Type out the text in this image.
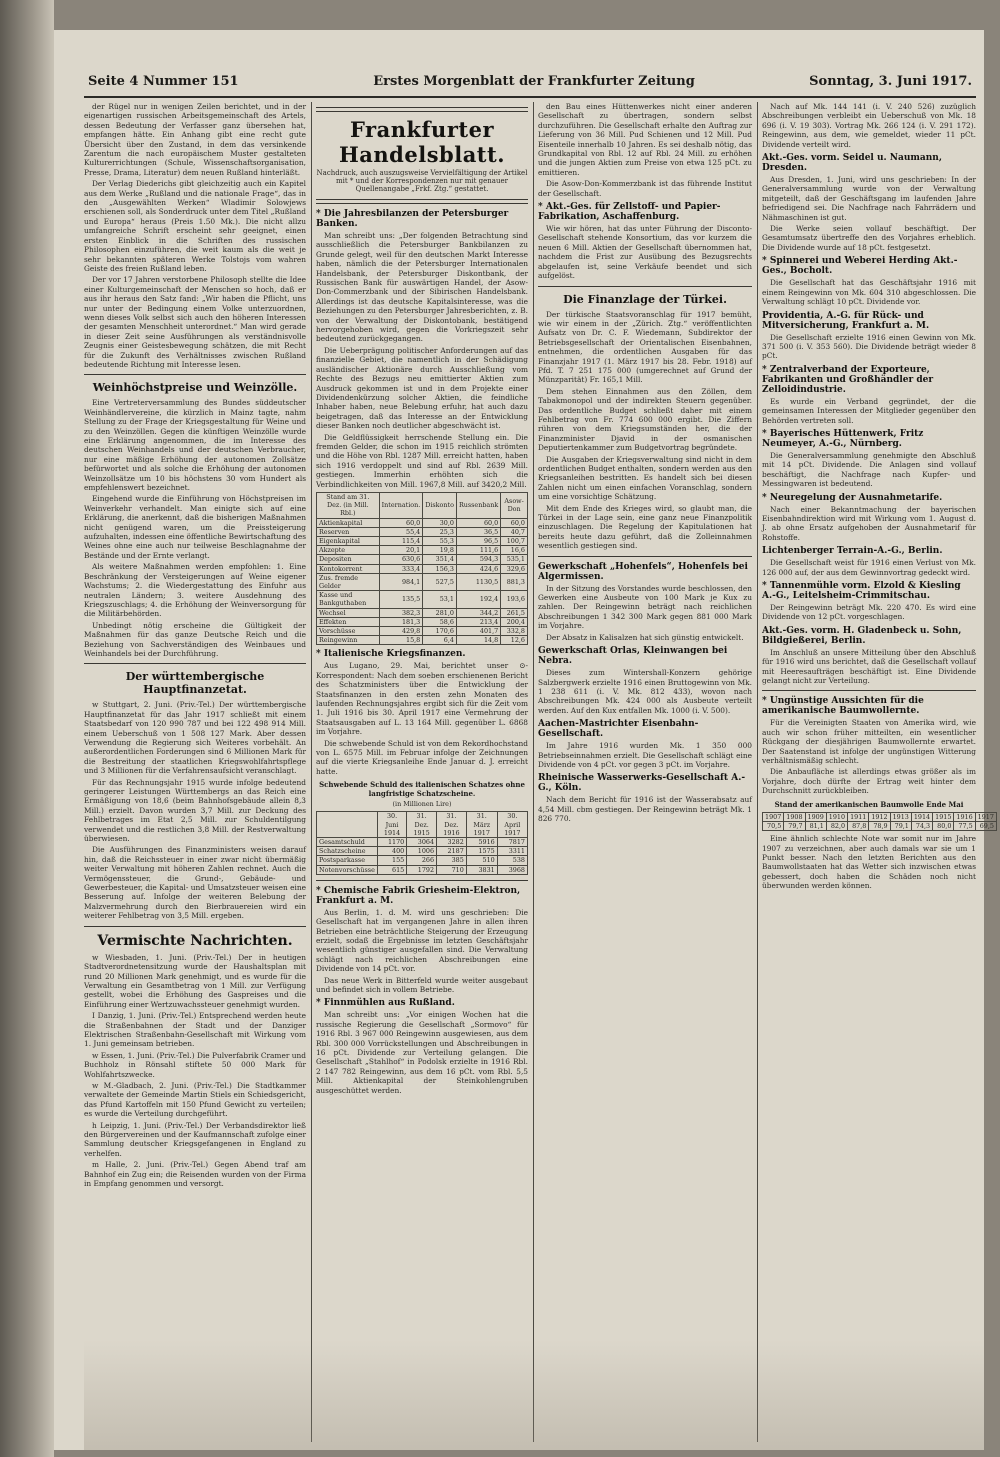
Seite 4 Nummer 151	Erstes Morgenblatt der Frankfurter Zeitung	Sonntag, 3. Juni 1917.

der Rügel nur in wenigen Zeilen berichtet, und in der eigenartigen russischen Arbeitsgemeinschaft des Artels, dessen Bedeutung der Verfasser ganz übersehen hat, empfangen hätte. Ein Anhang gibt eine recht gute Übersicht über den Zustand, in dem das versinkende Zarentum die nach europäischem Muster gestalteten Kulturerrichtungen (Schule, Wissenschaftsorganisation, Presse, Drama, Literatur) dem neuen Rußland hinterläßt.

Der Verlag Diederichs gibt gleichzeitig auch ein Kapitel aus dem Werke „Rußland und die nationale Frage“, das in den „Ausgewählten Werken“ Wladimir Solowjews erschienen soll, als Sonderdruck unter dem Titel „Rußland und Europa“ heraus (Preis 1.50 Mk.). Die nicht allzu umfangreiche Schrift erscheint sehr geeignet, einen ersten Einblick in die Schriften des russischen Philosophen einzuführen, die weit kaum als die weit je sehr bekannten späteren Werke Tolstojs vom wahren Geiste des freien Rußland leben.

Der vor 17 Jahren verstorbene Philosoph stellte die Idee einer Kulturgemeinschaft der Menschen so hoch, daß er aus ihr heraus den Satz fand: „Wir haben die Pflicht, uns nur unter der Bedingung einem Volke unterzuordnen, wenn dieses Volk selbst sich auch den höheren Interessen der gesamten Menschheit unterordnet.“ Man wird gerade in dieser Zeit seine Ausführungen als verständnisvolle Zeugnis einer Geistesbewegung schätzen, die mit Recht für die Zukunft des Verhältnisses zwischen Rußland bedeutende Richtung mit Interesse lesen.

Weinhöchstpreise und Weinzölle.

Eine Vertreterversammlung des Bundes süddeutscher Weinhändlervereine, die kürzlich in Mainz tagte, nahm Stellung zu der Frage der Kriegsgestaltung für Weine und zu den Weinzöllen. Gegen die künftigen Weinzölle wurde eine Erklärung angenommen, die im Interesse des deutschen Weinhandels und der deutschen Verbraucher, nur eine mäßige Erhöhung der autonomen Zollsätze befürwortet und als solche die Erhöhung der autonomen Weinzollsätze um 10 bis höchstens 30 vom Hundert als empfehlenswert bezeichnet.

Eingehend wurde die Einführung von Höchstpreisen im Weinverkehr verhandelt. Man einigte sich auf eine Erklärung, die anerkennt, daß die bisherigen Maßnahmen nicht genügend waren, um die Preissteigerung aufzuhalten, indessen eine öffentliche Bewirtschaftung des Weines ohne eine auch nur teilweise Beschlagnahme der Bestände und der Ernte verlangt.

Als weitere Maßnahmen werden empfohlen: 1. Eine Beschränkung der Versteigerungen auf Weine eigener Wachstums; 2. die Wiedergestattung des Einfuhr aus neutralen Ländern; 3. weitere Ausdehnung des Kriegszuschlags; 4. die Erhöhung der Weinversorgung für die Militärbehörden.

Unbedingt nötig erscheine die Gültigkeit der Maßnahmen für das ganze Deutsche Reich und die Beziehung von Sachverständigen des Weinbaues und Weinhandels bei der Durchführung.

Der württembergische Hauptfinanzetat.

w Stuttgart, 2. Juni. (Priv.-Tel.) Der württembergische Hauptfinanzetat für das Jahr 1917 schließt mit einem Staatsbedarf von 120 990 787 und bei 122 498 914 Mill. einem Ueberschuß von 1 508 127 Mark. Aber dessen Verwendung die Regierung sich Weiteres vorbehält. An außerordentlichen Forderungen sind 6 Millionen Mark für die Bestreitung der staatlichen Kriegswohlfahrtspflege und 3 Millionen für die Verfahrensaufsicht veranschlagt.

Für das Rechnungsjahr 1915 wurde infolge bedeutend geringerer Leistungen Württembergs an das Reich eine Ermäßigung von 18,6 (beim Bahnhofsgebäude allein 8,3 Mill.) erzielt. Davon wurden 3,7 Mill. zur Deckung des Fehlbetrages im Etat 2,5 Mill. zur Schuldentilgung verwendet und die restlichen 3,8 Mill. der Restverwaltung überwiesen.

Die Ausführungen des Finanzministers weisen darauf hin, daß die Reichssteuer in einer zwar nicht übermäßig weiter Verwaltung mit höheren Zahlen rechnet. Auch die Vermögenssteuer, die Grund-, Gebäude- und Gewerbesteuer, die Kapital- und Umsatzsteuer weisen eine Besserung auf. Infolge der weiteren Belebung der Malzvermehrung durch den Bierbrauereien wird ein weiterer Fehlbetrag von 3,5 Mill. ergeben.

Vermischte Nachrichten.

w Wiesbaden, 1. Juni. (Priv.-Tel.) Der in heutigen Stadtverordnetensitzung wurde der Haushaltsplan mit rund 20 Millionen Mark genehmigt, und es wurde für die Verwaltung ein Gesamtbetrag von 1 Mill. zur Verfügung gestellt, wobei die Erhöhung des Gaspreises und die Einführung einer Wertzuwachssteuer genehmigt wurden.

I Danzig, 1. Juni. (Priv.-Tel.) Entsprechend werden heute die Straßenbahnen der Stadt und der Danziger Elektrischen Straßenbahn-Gesellschaft mit Wirkung vom 1. Juni gemeinsam betrieben.

w Essen, 1. Juni. (Priv.-Tel.) Die Pulverfabrik Cramer und Buchholz in Rönsahl stiftete 50 000 Mark für Wohlfahrtszwecke.

w M.-Gladbach, 2. Juni. (Priv.-Tel.) Die Stadtkammer verwaltete der Gemeinde Martin Stiels ein Schiedsgericht, das Pfund Kartoffeln mit 150 Pfund Gewicht zu verteilen; es wurde die Verteilung durchgeführt.

h Leipzig, 1. Juni. (Priv.-Tel.) Der Verbandsdirektor ließ den Bürgervereinen und der Kaufmannschaft zufolge einer Sammlung deutscher Kriegsgefangenen in England zu verhelfen.

m Halle, 2. Juni. (Priv.-Tel.) Gegen Abend traf am Bahnhof ein Zug ein; die Reisenden wurden von der Firma in Empfang genommen und versorgt.

Frankfurter Handelsblatt.
Nachdruck, auch auszugsweise Vervielfältigung der Artikel mit * und der Korrespondenzen nur mit genauer Quellenangabe „Frkf. Ztg.“ gestattet.
* Die Jahresbilanzen der Petersburger Banken.

Man schreibt uns: „Der folgenden Betrachtung sind ausschließlich die Petersburger Bankbilanzen zu Grunde gelegt, weil für den deutschen Markt Interesse haben, nämlich die der Petersburger Internationalen Handelsbank, der Petersburger Diskontbank, der Russischen Bank für auswärtigen Handel, der Asow-Don-Commerzbank und der Sibirischen Handelsbank. Allerdings ist das deutsche Kapitalsinteresse, was die Beziehungen zu den Petersburger Jahresberichten, z. B. von der Verwaltung der Diskontobank, bestätigend hervorgehoben wird, gegen die Vorkriegszeit sehr bedeutend zurückgegangen.

Die Ueberprägung politischer Anforderungen auf das finanzielle Gebiet, die namentlich in der Schädigung ausländischer Aktionäre durch Ausschließung vom Rechte des Bezugs neu emittierter Aktien zum Ausdruck gekommen ist und in dem Projekte einer Dividendenkürzung solcher Aktien, die feindliche Inhaber haben, neue Belebung erfuhr, hat auch dazu beigetragen, daß das Interesse an der Entwicklung dieser Banken noch deutlicher abgeschwächt ist.

Die Geldflüssigkeit herrschende Stellung ein. Die fremden Gelder, die schon im 1915 reichlich strömten und die Höhe von Rbl. 1287 Mill. erreicht hatten, haben sich 1916 verdoppelt und sind auf Rbl. 2639 Mill. gestiegen. Immerhin erhöhten sich die Verbindlichkeiten von Mill. 1967,8 Mill. auf 3420,2 Mill.

Stand am 31. Dez. (in Mill. Rbl.)	Internation.	Diskonto	Russenbank	Asow-Don
Aktienkapital	60,0	30,0	60,0	60,0
Reserven	55,4	25,3	36,5	40,7
Eigenkapital	115,4	55,3	96,5	100,7
Akzepte	20,1	19,8	111,6	16,6
Depositen	630,6	351,4	594,3	535,1
Kontokorrent	333,4	156,3	424,6	329,6
Zus. fremde Gelder	984,1	527,5	1130,5	881,3
Kasse und Bankguthaben	135,5	53,1	192,4	193,6
Wechsel	382,3	281,0	344,2	261,5
Effekten	181,3	58,6	213,4	200,4
Vorschüsse	429,8	170,6	401,7	332,8
Reingewinn	15,8	6,4	14,8	12,6
* Italienische Kriegsfinanzen.

Aus Lugano, 29. Mai, berichtet unser ⊙-Korrespondent: Nach dem soeben erschienenen Bericht des Schatzministers über die Entwicklung der Staatsfinanzen in den ersten zehn Monaten des laufenden Rechnungsjahres ergibt sich für die Zeit vom 1. Juli 1916 bis 30. April 1917 eine Vermehrung der Staatsausgaben auf L. 13 164 Mill. gegenüber L. 6868 im Vorjahre.

Die schwebende Schuld ist von dem Rekordhochstand von L. 6575 Mill. im Februar infolge der Zeichnungen auf die vierte Kriegsanleihe Ende Januar d. J. erreicht hatte.

Schwebende Schuld des italienischen Schatzes ohne langfristige Schatzscheine.
(in Millionen Lire)
	30. Juni 1914	31. Dez. 1915	31. Dez. 1916	31. März 1917	30. April 1917
Gesamtschuld	1170	3064	3282	5916	7817
Schatzscheine	400	1006	2187	1575	3311
Postsparkasse	155	266	385	510	538
Notenvorschüsse	615	1792	710	3831	3968
* Chemische Fabrik Griesheim-Elektron, Frankfurt a. M.

Aus Berlin, 1. d. M. wird uns geschrieben: Die Gesellschaft hat im vergangenen Jahre in allen ihren Betrieben eine beträchtliche Steigerung der Erzeugung erzielt, sodaß die Ergebnisse im letzten Geschäftsjahr wesentlich günstiger ausgefallen sind. Die Verwaltung schlägt nach reichlichen Abschreibungen eine Dividende von 14 pCt. vor.

Das neue Werk in Bitterfeld wurde weiter ausgebaut und befindet sich in vollem Betriebe.

* Finnmühlen aus Rußland.

Man schreibt uns: „Vor einigen Wochen hat die russische Regierung die Gesellschaft „Sormovo“ für 1916 Rbl. 3 967 000 Reingewinn ausgewiesen, aus dem Rbl. 300 000 Vorrückstellungen und Abschreibungen in 16 pCt. Dividende zur Verteilung gelangen. Die Gesellschaft „Stahlhof“ in Podolsk erzielte in 1916 Rbl. 2 147 782 Reingewinn, aus dem 16 pCt. vom Rbl. 5,5 Mill. Aktienkapital der Steinkohlengruben ausgeschüttet werden.

den Bau eines Hüttenwerkes nicht einer anderen Gesellschaft zu übertragen, sondern selbst durchzuführen. Die Gesellschaft erhalte den Auftrag zur Lieferung von 36 Mill. Pud Schienen und 12 Mill. Pud Eisenteile innerhalb 10 Jahren. Es sei deshalb nötig, das Grundkapital von Rbl. 12 auf Rbl. 24 Mill. zu erhöhen und die jungen Aktien zum Preise von etwa 125 pCt. zu emittieren.

Die Asow-Don-Kommerzbank ist das führende Institut der Gesellschaft.

* Akt.-Ges. für Zellstoff- und Papier-Fabrikation, Aschaffenburg.

Wie wir hören, hat das unter Führung der Disconto-Gesellschaft stehende Konsortium, das vor kurzem die neuen 6 Mill. Aktien der Gesellschaft übernommen hat, nachdem die Frist zur Ausübung des Bezugsrechts abgelaufen ist, seine Verkäufe beendet und sich aufgelöst.

Die Finanzlage der Türkei.

Der türkische Staatsvoranschlag für 1917 bemüht, wie wir einem in der „Zürich. Ztg.“ veröffentlichten Aufsatz von Dr. C. F. Wiedemann, Subdirektor der Betriebsgesellschaft der Orientalischen Eisenbahnen, entnehmen, die ordentlichen Ausgaben für das Finanzjahr 1917 (1. März 1917 bis 28. Febr. 1918) auf Pfd. T. 7 251 175 000 (umgerechnet auf Grund der Münzparität) Fr. 165,1 Mill.

Dem stehen Einnahmen aus den Zöllen, dem Tabakmonopol und der indirekten Steuern gegenüber. Das ordentliche Budget schließt daher mit einem Fehlbetrag von Fr. 774 600 000 ergibt. Die Ziffern rühren von dem Kriegsumständen her, die der Finanzminister Djavid in der osmanischen Deputiertenkammer zum Budgetvortrag begründete.

Die Ausgaben der Kriegsverwaltung sind nicht in dem ordentlichen Budget enthalten, sondern werden aus den Kriegsanleihen bestritten. Es handelt sich bei diesen Zahlen nicht um einen einfachen Voranschlag, sondern um eine vorsichtige Schätzung.

Mit dem Ende des Krieges wird, so glaubt man, die Türkei in der Lage sein, eine ganz neue Finanzpolitik einzuschlagen. Die Regelung der Kapitulationen hat bereits heute dazu geführt, daß die Zolleinnahmen wesentlich gestiegen sind.

Gewerkschaft „Hohenfels“, Hohenfels bei Algermissen.

In der Sitzung des Vorstandes wurde beschlossen, den Gewerken eine Ausbeute von 100 Mark je Kux zu zahlen. Der Reingewinn beträgt nach reichlichen Abschreibungen 1 342 300 Mark gegen 881 000 Mark im Vorjahre.

Der Absatz in Kalisalzen hat sich günstig entwickelt.

Gewerkschaft Orlas, Kleinwangen bei Nebra.

Dieses zum Wintershall-Konzern gehörige Salzbergwerk erzielte 1916 einen Bruttogewinn von Mk. 1 238 611 (i. V. Mk. 812 433), wovon nach Abschreibungen Mk. 424 000 als Ausbeute verteilt werden. Auf den Kux entfallen Mk. 1000 (i. V. 500).

Aachen-Mastrichter Eisenbahn-Gesellschaft.

Im Jahre 1916 wurden Mk. 1 350 000 Betriebseinnahmen erzielt. Die Gesellschaft schlägt eine Dividende von 4 pCt. vor gegen 3 pCt. im Vorjahre.

Rheinische Wasserwerks-Gesellschaft A.-G., Köln.

Nach dem Bericht für 1916 ist der Wasserabsatz auf 4,54 Mill. cbm gestiegen. Der Reingewinn beträgt Mk. 1 826 770.

Nach auf Mk. 144 141 (i. V. 240 526) zuzüglich Abschreibungen verbleibt ein Ueberschuß von Mk. 18 696 (i. V. 19 303). Vortrag Mk. 266 124 (i. V. 291 172). Reingewinn, aus dem, wie gemeldet, wieder 11 pCt. Dividende verteilt wird.

Akt.-Ges. vorm. Seidel u. Naumann, Dresden.

Aus Dresden, 1. Juni, wird uns geschrieben: In der Generalversammlung wurde von der Verwaltung mitgeteilt, daß der Geschäftsgang im laufenden Jahre befriedigend sei. Die Nachfrage nach Fahrrädern und Nähmaschinen ist gut.

Die Werke seien vollauf beschäftigt. Der Gesamtumsatz übertreffe den des Vorjahres erheblich. Die Dividende wurde auf 18 pCt. festgesetzt.

* Spinnerei und Weberei Herding Akt.-Ges., Bocholt.

Die Gesellschaft hat das Geschäftsjahr 1916 mit einem Reingewinn von Mk. 604 310 abgeschlossen. Die Verwaltung schlägt 10 pCt. Dividende vor.

Providentia, A.-G. für Rück- und Mitversicherung, Frankfurt a. M.

Die Gesellschaft erzielte 1916 einen Gewinn von Mk. 371 500 (i. V. 353 560). Die Dividende beträgt wieder 8 pCt.

* Zentralverband der Exporteure, Fabrikanten und Großhändler der Zelloidindustrie.

Es wurde ein Verband gegründet, der die gemeinsamen Interessen der Mitglieder gegenüber den Behörden vertreten soll.

* Bayerisches Hüttenwerk, Fritz Neumeyer, A.-G., Nürnberg.

Die Generalversammlung genehmigte den Abschluß mit 14 pCt. Dividende. Die Anlagen sind vollauf beschäftigt, die Nachfrage nach Kupfer- und Messingwaren ist bedeutend.

* Neuregelung der Ausnahmetarife.

Nach einer Bekanntmachung der bayerischen Eisenbahndirektion wird mit Wirkung vom 1. August d. J. ab ohne Ersatz aufgehoben der Ausnahmetarif für Rohstoffe.

Lichtenberger Terrain-A.-G., Berlin.

Die Gesellschaft weist für 1916 einen Verlust von Mk. 126 000 auf, der aus dem Gewinnvortrag gedeckt wird.

* Tannenmühle vorm. Elzold & Kiesling A.-G., Leitelsheim-Crimmitschau.

Der Reingewinn beträgt Mk. 220 470. Es wird eine Dividende von 12 pCt. vorgeschlagen.

Akt.-Ges. vorm. H. Gladenbeck u. Sohn, Bildgießerei, Berlin.

Im Anschluß an unsere Mitteilung über den Abschluß für 1916 wird uns berichtet, daß die Gesellschaft vollauf mit Heeresaufträgen beschäftigt ist. Eine Dividende gelangt nicht zur Verteilung.

* Ungünstige Aussichten für die amerikanische Baumwollernte.

Für die Vereinigten Staaten von Amerika wird, wie auch wir schon früher mitteilten, ein wesentlicher Rückgang der diesjährigen Baumwollernte erwartet. Der Saatenstand ist infolge der ungünstigen Witterung verhältnismäßig schlecht.

Die Anbaufläche ist allerdings etwas größer als im Vorjahre, doch dürfte der Ertrag weit hinter dem Durchschnitt zurückbleiben.

Stand der amerikanischen Baumwolle Ende Mai
1907	1908	1909	1910	1911	1912	1913	1914	1915	1916	1917
70,5	79,7	81,1	82,0	87,8	78,9	79,1	74,3	80,0	77,5	69,5

Eine ähnlich schlechte Note war somit nur im Jahre 1907 zu verzeichnen, aber auch damals war sie um 1 Punkt besser. Nach den letzten Berichten aus den Baumwollstaaten hat das Wetter sich inzwischen etwas gebessert, doch haben die Schäden noch nicht überwunden werden können.
